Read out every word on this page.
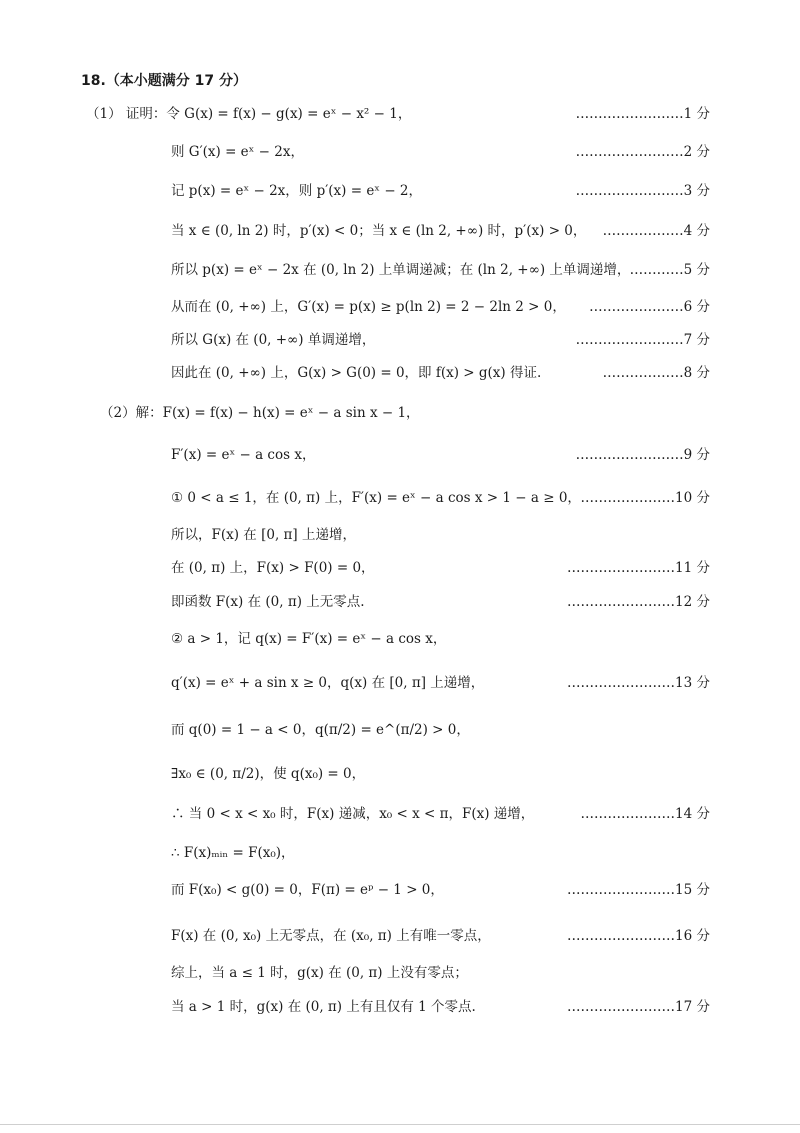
18.（本小题满分 17 分）
（1） 证明：令 G(x) = f(x) − g(x) = eˣ − x² − 1，	……………………1 分
则 G′(x) = eˣ − 2x，	……………………2 分
记 p(x) = eˣ − 2x，则 p′(x) = eˣ − 2，	……………………3 分
当 x ∈ (0, ln 2) 时，p′(x) < 0；当 x ∈ (ln 2, +∞) 时，p′(x) > 0， ………………4 分
所以 p(x) = eˣ − 2x 在 (0, ln 2) 上单调递减；在 (ln 2, +∞) 上单调递增， …………5 分
从而在 (0, +∞) 上，G′(x) = p(x) ≥ p(ln 2) = 2 − 2ln 2 > 0， …………………6 分
所以 G(x) 在 (0, +∞) 单调递增，	……………………7 分
因此在 (0, +∞) 上，G(x) > G(0) = 0，即 f(x) > g(x) 得证.	………………8 分
（2）解：F(x) = f(x) − h(x) = eˣ − a sin x − 1，
F′(x) = eˣ − a cos x，	……………………9 分
① 0 < a ≤ 1，在 (0, π) 上，F′(x) = eˣ − a cos x > 1 − a ≥ 0， …………………10 分
所以，F(x) 在 [0, π] 上递增，
在 (0, π) 上，F(x) > F(0) = 0，	……………………11 分
即函数 F(x) 在 (0, π) 上无零点.	……………………12 分
② a > 1，记 q(x) = F′(x) = eˣ − a cos x，
q′(x) = eˣ + a sin x ≥ 0，q(x) 在 [0, π] 上递增，	……………………13 分
而 q(0) = 1 − a < 0，q(π/2) = e^(π/2) > 0，
∃x₀ ∈ (0, π/2)，使 q(x₀) = 0，
∴ 当 0 < x < x₀ 时，F(x) 递减，x₀ < x < π，F(x) 递增，	…………………14 分
∴ F(x)ₘᵢₙ = F(x₀)，
而 F(x₀) < g(0) = 0，F(π) = eᵖ − 1 > 0，	……………………15 分
F(x) 在 (0, x₀) 上无零点，在 (x₀, π) 上有唯一零点，	……………………16 分
综上，当 a ≤ 1 时，g(x) 在 (0, π) 上没有零点；
当 a > 1 时，g(x) 在 (0, π) 上有且仅有 1 个零点.	……………………17 分
